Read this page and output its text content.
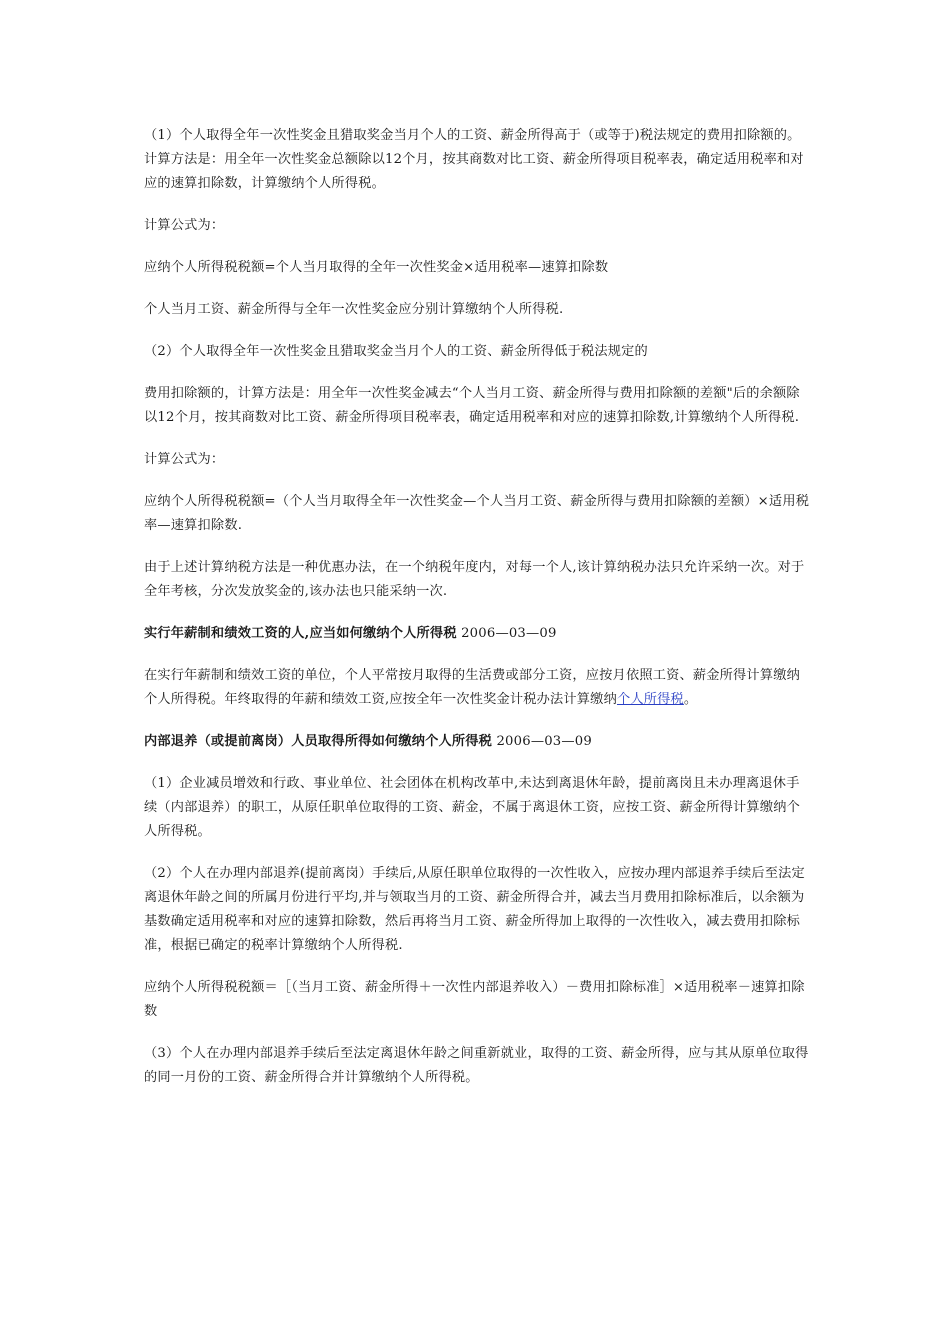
（1）个人取得全年一次性奖金且猎取奖金当月个人的工资、薪金所得高于（或等于)税法规定的费用扣除额的。计算方法是：用全年一次性奖金总额除以12个月，按其商数对比工资、薪金所得项目税率表，确定适用税率和对应的速算扣除数，计算缴纳个人所得税。

计算公式为：

应纳个人所得税税额=个人当月取得的全年一次性奖金×适用税率—速算扣除数

个人当月工资、薪金所得与全年一次性奖金应分别计算缴纳个人所得税.

（2）个人取得全年一次性奖金且猎取奖金当月个人的工资、薪金所得低于税法规定的

费用扣除额的，计算方法是：用全年一次性奖金减去“个人当月工资、薪金所得与费用扣除额的差额"后的余额除以12个月，按其商数对比工资、薪金所得项目税率表，确定适用税率和对应的速算扣除数,计算缴纳个人所得税.

计算公式为：

应纳个人所得税税额=（个人当月取得全年一次性奖金—个人当月工资、薪金所得与费用扣除额的差额）×适用税率—速算扣除数.

由于上述计算纳税方法是一种优惠办法，在一个纳税年度内，对每一个人,该计算纳税办法只允许采纳一次。对于全年考核，分次发放奖金的,该办法也只能采纳一次.

实行年薪制和绩效工资的人,应当如何缴纳个人所得税 2006—03—09

在实行年薪制和绩效工资的单位，个人平常按月取得的生活费或部分工资，应按月依照工资、薪金所得计算缴纳个人所得税。年终取得的年薪和绩效工资,应按全年一次性奖金计税办法计算缴纳个人所得税。

内部退养（或提前离岗）人员取得所得如何缴纳个人所得税 2006—03—09

（1）企业减员增效和行政、事业单位、社会团体在机构改革中,未达到离退休年龄，提前离岗且未办理离退休手续（内部退养）的职工，从原任职单位取得的工资、薪金，不属于离退休工资，应按工资、薪金所得计算缴纳个人所得税。

（2）个人在办理内部退养(提前离岗）手续后,从原任职单位取得的一次性收入，应按办理内部退养手续后至法定离退休年龄之间的所属月份进行平均,并与领取当月的工资、薪金所得合并，减去当月费用扣除标准后，以余额为基数确定适用税率和对应的速算扣除数，然后再将当月工资、薪金所得加上取得的一次性收入，减去费用扣除标准，根据已确定的税率计算缴纳个人所得税.

应纳个人所得税税额＝［（当月工资、薪金所得＋一次性内部退养收入）－费用扣除标准］×适用税率－速算扣除数

（3）个人在办理内部退养手续后至法定离退休年龄之间重新就业，取得的工资、薪金所得，应与其从原单位取得的同一月份的工资、薪金所得合并计算缴纳个人所得税。
